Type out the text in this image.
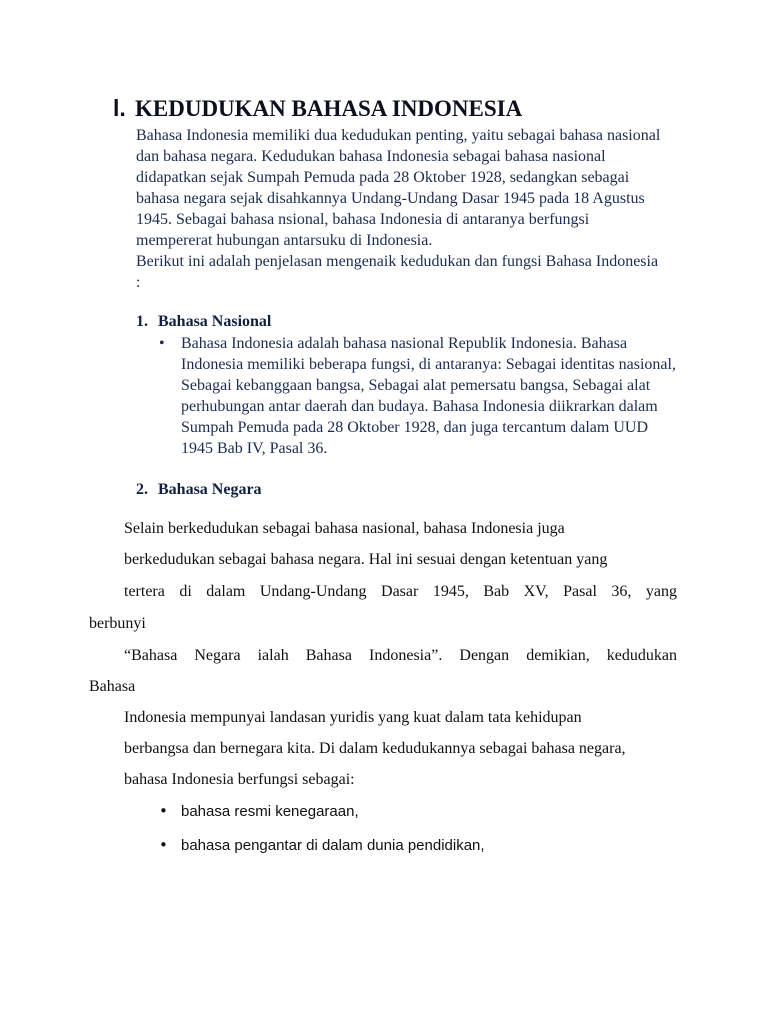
l. KEDUDUKAN BAHASA INDONESIA

Bahasa Indonesia memiliki dua kedudukan penting, yaitu sebagai bahasa nasional dan bahasa negara. Kedudukan bahasa Indonesia sebagai bahasa nasional didapatkan sejak Sumpah Pemuda pada 28 Oktober 1928, sedangkan sebagai bahasa negara sejak disahkannya Undang-Undang Dasar 1945 pada 18 Agustus 1945. Sebagai bahasa nsional, bahasa Indonesia di antaranya berfungsi mempererat hubungan antarsuku di Indonesia.

Berikut ini adalah penjelasan mengenaik kedudukan dan fungsi Bahasa Indonesia :

1. Bahasa Nasional
• Bahasa Indonesia adalah bahasa nasional Republik Indonesia. Bahasa Indonesia memiliki beberapa fungsi, di antaranya: Sebagai identitas nasional, Sebagai kebanggaan bangsa, Sebagai alat pemersatu bangsa, Sebagai alat perhubungan antar daerah dan budaya. Bahasa Indonesia diikrarkan dalam Sumpah Pemuda pada 28 Oktober 1928, dan juga tercantum dalam UUD 1945 Bab IV, Pasal 36.
2. Bahasa Negara
Selain berkedudukan sebagai bahasa nasional, bahasa Indonesia juga
berkedudukan sebagai bahasa negara. Hal ini sesuai dengan ketentuan yang
tertera di dalam Undang-Undang Dasar 1945, Bab XV, Pasal 36, yang
berbunyi
“Bahasa Negara ialah Bahasa Indonesia”. Dengan demikian, kedudukan
Bahasa
Indonesia mempunyai landasan yuridis yang kuat dalam tata kehidupan
berbangsa dan bernegara kita. Di dalam kedudukannya sebagai bahasa negara,
bahasa Indonesia berfungsi sebagai:
• bahasa resmi kenegaraan,
• bahasa pengantar di dalam dunia pendidikan,
